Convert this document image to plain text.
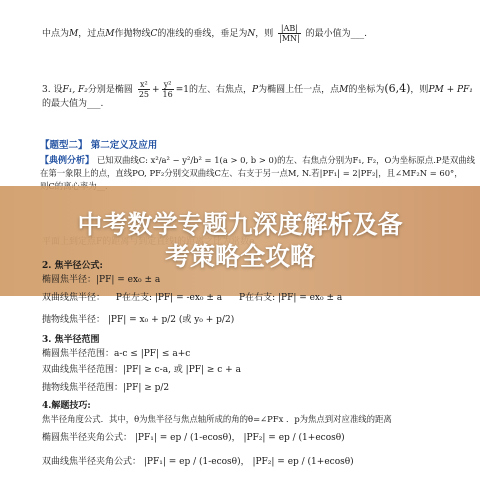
中点为M，过点M作抛物线C的准线的垂线，垂足为N，则 $\frac{|AB|}{|MN|}$ 的最小值为___.
3. 设F₁, F₂分别是椭圆 $\frac{\text{x²}}{25} + \frac{\text{y²}}{16} =1$的左、右焦点，P为椭圆上任一点，点M的坐标为(6,4)，则PM + PF₁
的最大值为___.
【题型二】 第二定义及应用
【典例分析】 已知双曲线C: x²/a² − y²/b² = 1(a > 0, b > 0)的左、右焦点分别为F₁, F₂，O为坐标原点.P是双曲线
在第一象限上的点，直线PO, PF₂分别交双曲线C左、右支于另一点M, N.若|PF₁| = 2|PF₂|，且∠MF₂N = 60°，
中考数学专题九深度解析及备
考策略全攻略
2. 焦半径公式:
椭圆焦半径：|PF| = ex₀ ± a
双曲线焦半径： P在左支: |PF| = -ex₀ ± a P在右支: |PF| = ex₀ ± a
抛物线焦半径： |PF| = x₀ + p/2 (或 y₀ + p/2)
3. 焦半径范围
椭圆焦半径范围：a-c ≤ |PF| ≤ a+c
双曲线焦半径范围：|PF| ≥ c-a, 或 |PF| ≥ c + a
抛物线焦半径范围：|PF| ≥ p/2
4.解题技巧:
焦半径角度公式．其中，θ为焦半径与焦点轴所成的角的θ=∠PFx ．p为焦点到对应准线的距离
椭圆焦半径夹角公式： |PF₁| = ep / (1-ecosθ)， |PF₂| = ep / (1+ecosθ)
双曲线焦半径夹角公式： |PF₁| = ep / (1-ecosθ)， |PF₂| = ep / (1+ecosθ)
